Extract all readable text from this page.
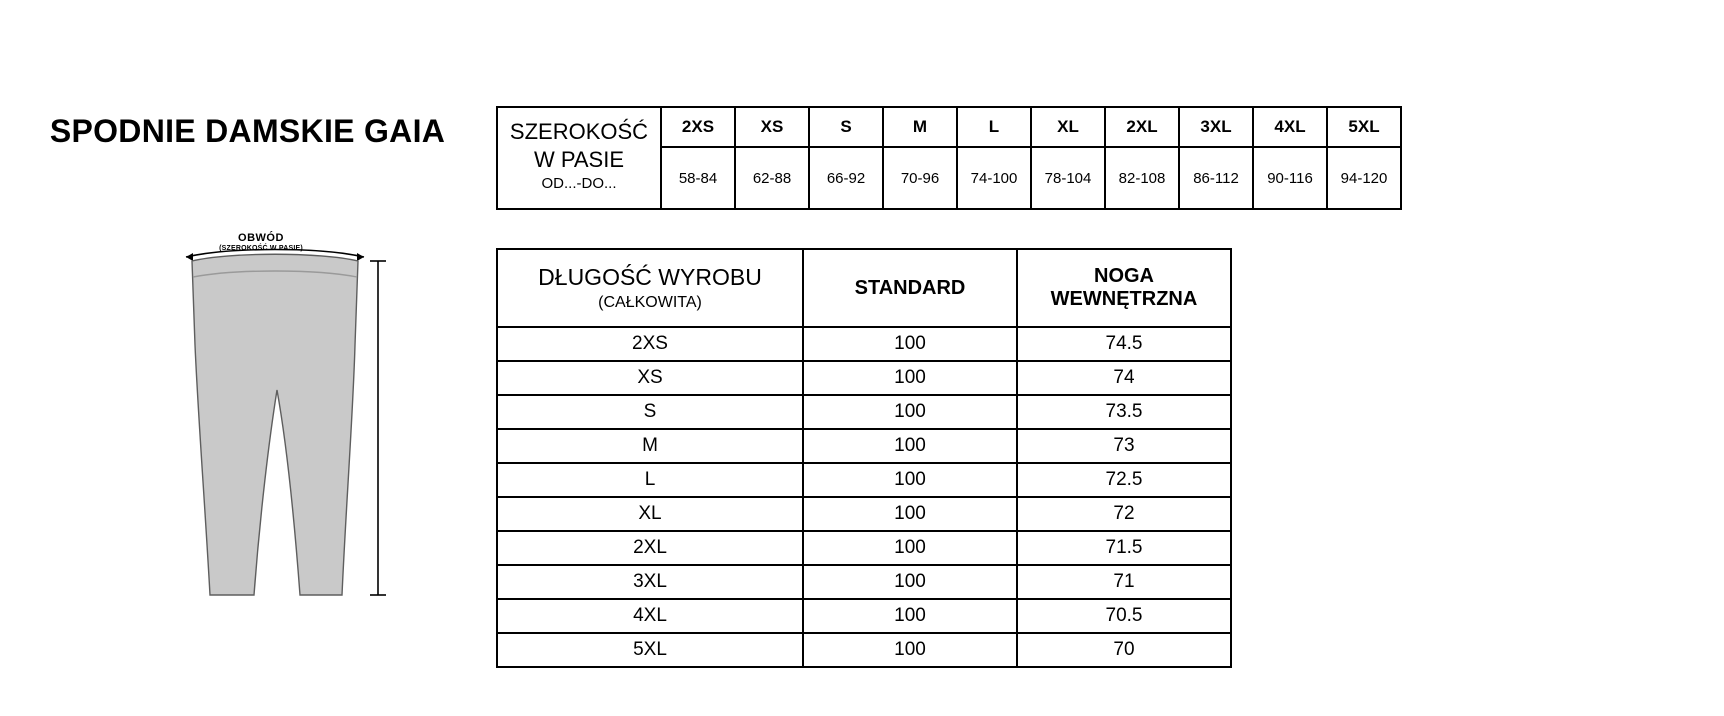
SPODNIE DAMSKIE GAIA
OBWÓD
(SZEROKOŚĆ W PASIE)
SZEROKOŚĆ
W PASIE
OD...-DO...	2XS	XS	S	M	L	XL	2XL	3XL	4XL	5XL
	58-84	62-88	66-92	70-96	74-100	78-104	82-108	86-112	90-116	94-120
DŁUGOŚĆ WYROBU
(CAŁKOWITA)	STANDARD	NOGA WEWNĘTRZNA
2XS	100	74.5
XS	100	74
S	100	73.5
M	100	73
L	100	72.5
XL	100	72
2XL	100	71.5
3XL	100	71
4XL	100	70.5
5XL	100	70
